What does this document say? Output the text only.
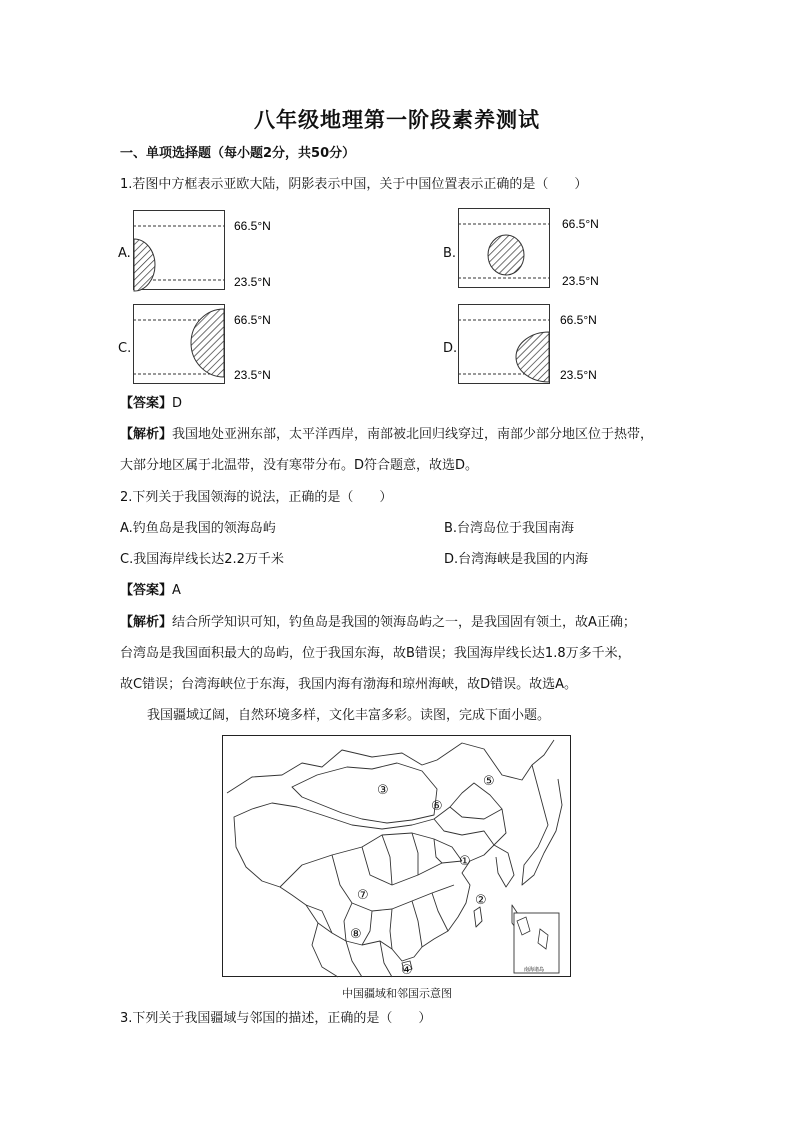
八年级地理第一阶段素养测试
一、单项选择题（每小题2分，共50分）
1.若图中方框表示亚欧大陆，阴影表示中国，关于中国位置表示正确的是（　　）
A.
66.5°N
23.5°N
B.
66.5°N
23.5°N
C.
66.5°N
23.5°N
D.
66.5°N
23.5°N
【答案】D
【解析】我国地处亚洲东部，太平洋西岸，南部被北回归线穿过，南部少部分地区位于热带，
大部分地区属于北温带，没有寒带分布。D符合题意，故选D。
2.下列关于我国领海的说法，正确的是（　　）
A.钓鱼岛是我国的领海岛屿	B.台湾岛位于我国南海
C.我国海岸线长达2.2万千米	D.台湾海峡是我国的内海
【答案】A
【解析】结合所学知识可知，钓鱼岛是我国的领海岛屿之一，是我国固有领土，故A正确；
台湾岛是我国面积最大的岛屿，位于我国东海，故B错误；我国海岸线长达1.8万多千米，
故C错误；台湾海峡位于东海，我国内海有渤海和琼州海峡，故D错误。故选A。
我国疆域辽阔，自然环境多样，文化丰富多彩。读图，完成下面小题。
南海诸岛
③
⑤
⑥
①
②
⑦
⑧
④
中国疆域和邻国示意图
3.下列关于我国疆域与邻国的描述，正确的是（　　）
